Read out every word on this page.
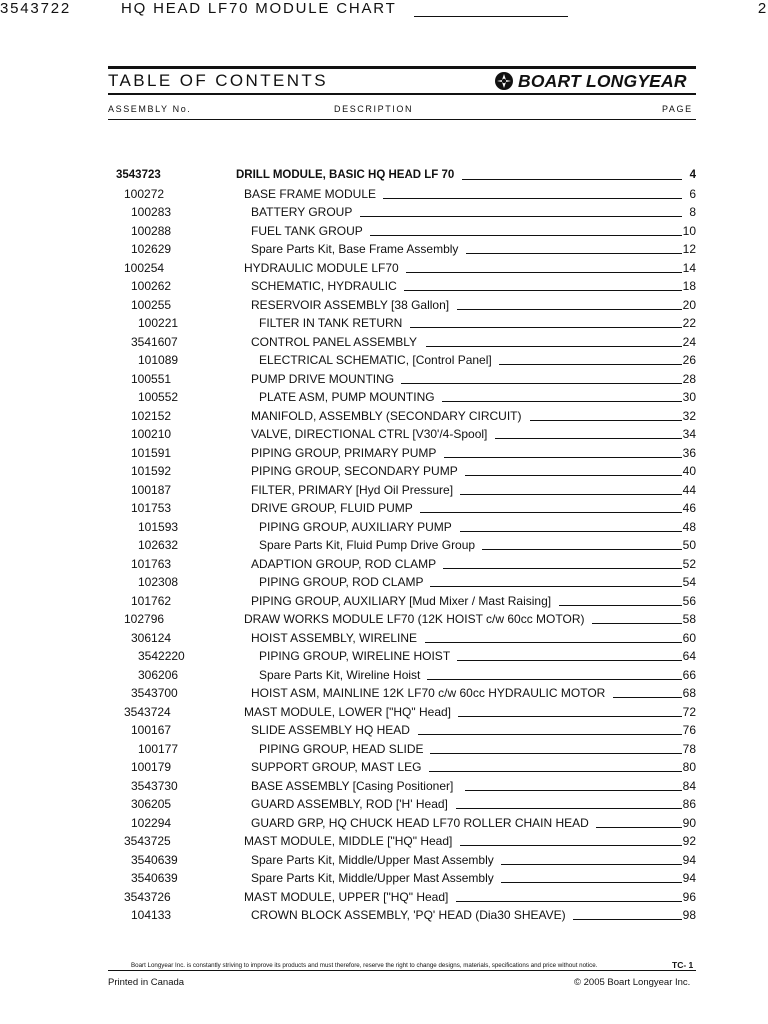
TABLE OF CONTENTS	BOART LONGYEAR
ASSEMBLY No.	DESCRIPTION	PAGE
3543722	HQ HEAD LF70 MODULE CHART	2
3543723	DRILL MODULE, BASIC HQ HEAD LF 70	4
100272	BASE FRAME MODULE	6
100283	BATTERY GROUP	8
100288	FUEL TANK GROUP	10
102629	Spare Parts Kit, Base Frame Assembly	12
100254	HYDRAULIC MODULE LF70	14
100262	SCHEMATIC, HYDRAULIC	18
100255	RESERVOIR ASSEMBLY [38 Gallon]	20
100221	FILTER IN TANK RETURN	22
3541607	CONTROL PANEL ASSEMBLY	24
101089	ELECTRICAL SCHEMATIC, [Control Panel]	26
100551	PUMP DRIVE MOUNTING	28
100552	PLATE ASM, PUMP MOUNTING	30
102152	MANIFOLD, ASSEMBLY (SECONDARY CIRCUIT)	32
100210	VALVE, DIRECTIONAL CTRL [V30'/4-Spool]	34
101591	PIPING GROUP, PRIMARY PUMP	36
101592	PIPING GROUP, SECONDARY PUMP	40
100187	FILTER, PRIMARY [Hyd Oil Pressure]	44
101753	DRIVE GROUP, FLUID PUMP	46
101593	PIPING GROUP, AUXILIARY PUMP	48
102632	Spare Parts Kit, Fluid Pump Drive Group	50
101763	ADAPTION GROUP, ROD CLAMP	52
102308	PIPING GROUP, ROD CLAMP	54
101762	PIPING GROUP, AUXILIARY [Mud Mixer / Mast Raising]	56
102796	DRAW WORKS MODULE LF70 (12K HOIST c/w 60cc MOTOR)	58
306124	HOIST ASSEMBLY, WIRELINE	60
3542220	PIPING GROUP, WIRELINE HOIST	64
306206	Spare Parts Kit, Wireline Hoist	66
3543700	HOIST ASM, MAINLINE 12K LF70 c/w 60cc HYDRAULIC MOTOR	68
3543724	MAST MODULE, LOWER ["HQ" Head]	72
100167	SLIDE ASSEMBLY HQ HEAD	76
100177	PIPING GROUP, HEAD SLIDE	78
100179	SUPPORT GROUP, MAST LEG	80
3543730	BASE ASSEMBLY [Casing Positioner]	84
306205	GUARD ASSEMBLY, ROD ['H' Head]	86
102294	GUARD GRP, HQ CHUCK HEAD LF70 ROLLER CHAIN HEAD	90
3543725	MAST MODULE, MIDDLE ["HQ" Head]	92
3540639	Spare Parts Kit, Middle/Upper Mast Assembly	94
3540639	Spare Parts Kit, Middle/Upper Mast Assembly	94
3543726	MAST MODULE, UPPER ["HQ" Head]	96
104133	CROWN BLOCK ASSEMBLY, 'PQ' HEAD (Dia30 SHEAVE)	98
Boart Longyear Inc. is constantly striving to improve its products and must therefore, reserve the right to change designs, materials, specifications and price without notice.	TC- 1
Printed in Canada	© 2005 Boart Longyear Inc.
